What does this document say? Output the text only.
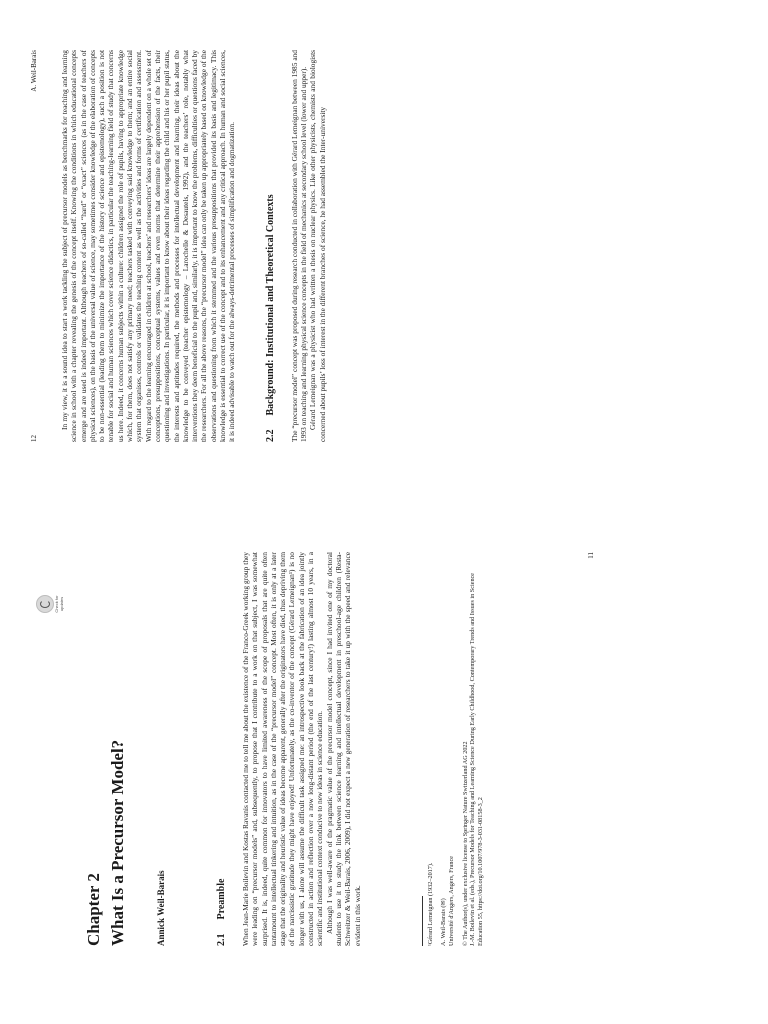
Check for updates
Chapter 2 What Is a Precursor Model?	Annick Weil-Barais	2.1Preamble When Jean-Marie Boilevin and Kostas Ravanis contacted me to tell me about the existence of the Franco-Greek working group they were leading on “precursor models” and, subsequently, to propose that I contribute to a work on that subject, I was somewhat surprised. It is, indeed, quite common for innovators to have limited awareness of the scope of proposals that are quite often tantamount to intellectual tinkering and intuition, as in the case of the “precursor model” concept. Most often, it is only at a later stage that the originality and heuristic value of ideas become apparent, generally after the originators have died, thus depriving them of the narcissistic gratitude they might have enjoyed! Unfortunately, as the co-inventor of the concept (Gérard Lemeignan¹) is no longer with us, I alone will assume the difficult task assigned me: an introspective look back at the fabrication of an idea jointly constructed in action and reflection over a now long-distant period (the end of the last century!) lasting almost 10 years, in a scientific and institutional context conducive to new ideas in science education. Although I was well-aware of the pragmatic value of the precursor model concept, since I had invited one of my doctoral students to use it to study the link between science learning and intellectual development in preschool-age children (Resta-Schweitzer & Weil-Barais, 2006, 2009), I did not expect a new generation of researchers to take it up with the speed and relevance evident in this work.	¹Gérard Lemeignan (1932–2017). A. Weil-Barais (✉) Université d'Angers, Angers, France © The Author(s), under exclusive license to Springer Nature Switzerland AG 2022 J.-M. Boilevin et al. (eds.), Precursor Models for Teaching and Learning Science During Early Childhood, Contemporary Trends and Issues in Science Education 55, https://doi.org/10.1007/978-3-031-08158-3_2

11
12
A. Weil-Barais	In my view, it is a sound idea to start a work tackling the subject of precursor models as benchmarks for teaching and learning science in school with a chapter revealing the genesis of the concept itself. Knowing the conditions in which educational concepts emerge and are used is indeed important. Although teachers of so-called “hard” or “exact” sciences (as in the case of teachers of physical sciences), on the basis of the universal value of science, may sometimes consider knowledge of the elaboration of concepts to be non-essential (leading them to minimize the importance of the history of science and epistemology), such a position is not tenable for social and human sciences which cover science didactics, in particular the teaching-learning field of study that concerns us here. Indeed, it concerns human subjects within a culture: children assigned the role of pupils, having to appropriate knowledge which, for them, does not satisfy any primary need; teachers tasked with conveying said knowledge to them; and an entire social system that organises, controls or validates the teaching content as well as the activities and forms of certification and assessment. With regard to the learning encouraged in children at school, teachers’ and researchers’ ideas are largely dependent on a whole set of conceptions, presuppositions, conceptual systems, values and even norms that determine their apprehension of the facts, their questioning and investigations. In particular, it is important to know about their ideas regarding the child and his or her pupil status, the interests and aptitudes required, the methods and processes for intellectual development and learning, their ideas about the knowledge to be conveyed (teacher epistemology – Larochelle & Desautels, 1992), and the teachers’ role, notably what interventions they deem beneficial to the pupil and, similarly, it is important to know the problems, difficulties or questions faced by the researchers. For all the above reasons, the “precursor model” idea can only be taken up appropriately based on knowledge of the observations and questioning from which it stemmed and the various presuppositions that provided its basis and legitimacy. This knowledge is essential to correct use of the concept and to its enhancement and any critical approach. In human and social sciences, it is indeed advisable to watch out for the always-detrimental processes of simplification and dogmatization.	2.2Background: Institutional and Theoretical Contexts The “precursor model” concept was proposed during research conducted in collaboration with Gérard Lemeignan between 1985 and 1993 on teaching and learning physical science concepts in the field of mechanics at secondary school level (lower and upper). Gérard Lemeignan was a physicist who had written a thesis on nuclear physics. Like other physicists, chemists and biologists concerned about pupils’ loss of interest in the different branches of science, he had assembled the Inter-university
